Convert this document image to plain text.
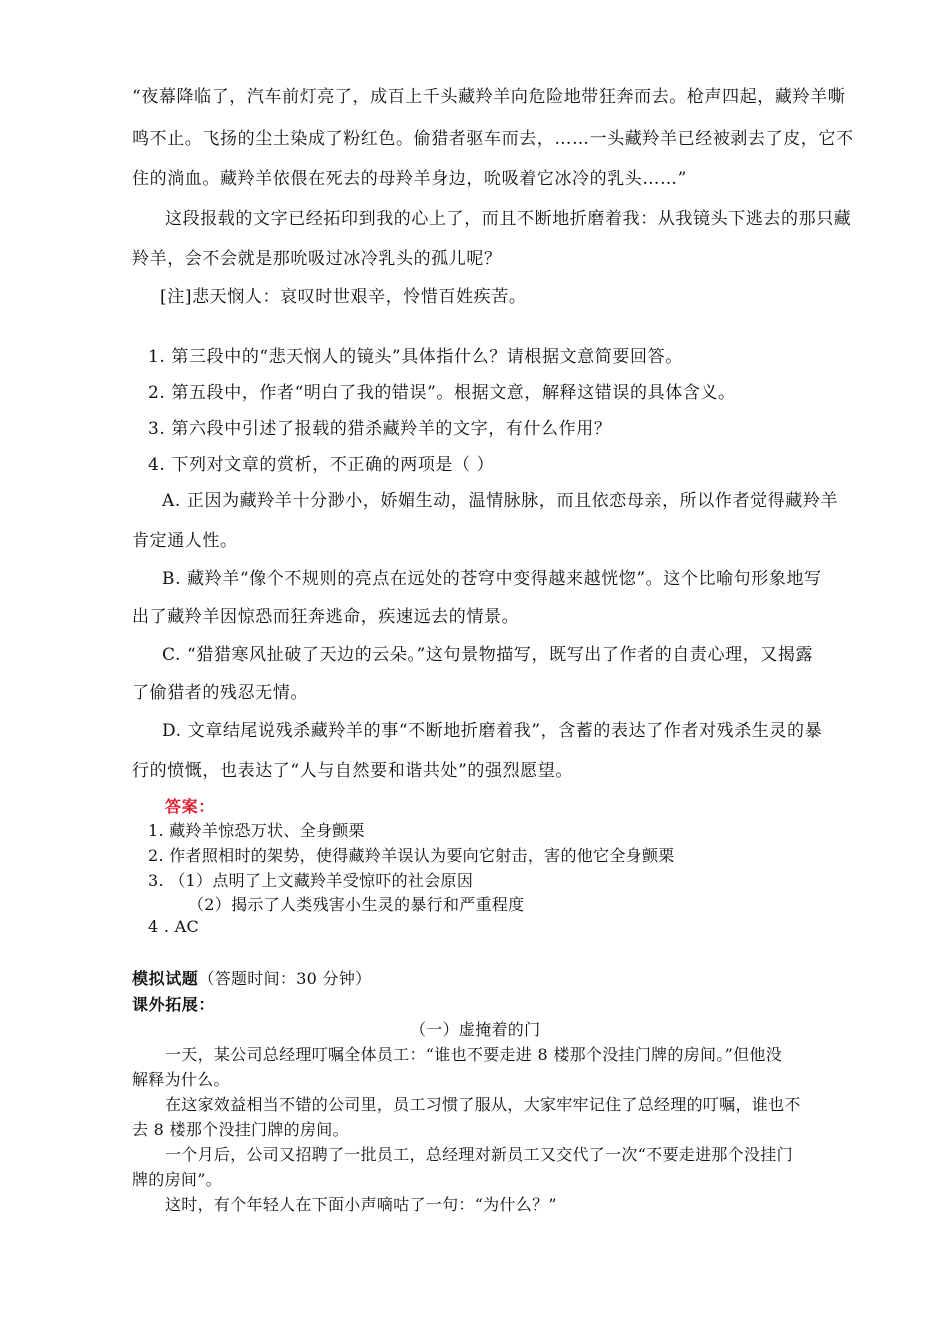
“夜幕降临了，汽车前灯亮了，成百上千头藏羚羊向危险地带狂奔而去。枪声四起，藏羚羊嘶

鸣不止。飞扬的尘土染成了粉红色。偷猎者驱车而去，……一头藏羚羊已经被剥去了皮，它不

住的淌血。藏羚羊依偎在死去的母羚羊身边，吮吸着它冰冷的乳头……”

这段报载的文字已经拓印到我的心上了，而且不断地折磨着我：从我镜头下逃去的那只藏

羚羊，会不会就是那吮吸过冰冷乳头的孤儿呢？

[注]悲天悯人：哀叹时世艰辛，怜惜百姓疾苦。

1. 第三段中的“悲天悯人的镜头”具体指什么？请根据文意简要回答。

2. 第五段中，作者“明白了我的错误”。根据文意，解释这错误的具体含义。

3. 第六段中引述了报载的猎杀藏羚羊的文字，有什么作用？

4. 下列对文章的赏析，不正确的两项是（ ）

A. 正因为藏羚羊十分渺小，娇媚生动，温情脉脉，而且依恋母亲，所以作者觉得藏羚羊

肯定通人性。

B. 藏羚羊“像个不规则的亮点在远处的苍穹中变得越来越恍惚”。这个比喻句形象地写

出了藏羚羊因惊恐而狂奔逃命，疾速远去的情景。

C. “猎猎寒风扯破了天边的云朵。”这句景物描写，既写出了作者的自责心理，又揭露

了偷猎者的残忍无情。

D. 文章结尾说残杀藏羚羊的事“不断地折磨着我”，含蓄的表达了作者对残杀生灵的暴

行的愤慨，也表达了“人与自然要和谐共处”的强烈愿望。

答案：

1. 藏羚羊惊恐万状、全身颤栗

2. 作者照相时的架势，使得藏羚羊误认为要向它射击，害的他它全身颤栗

3. （1）点明了上文藏羚羊受惊吓的社会原因

（2）揭示了人类残害小生灵的暴行和严重程度

4 . AC

模拟试题（答题时间：30 分钟）

课外拓展：

（一）虚掩着的门

一天，某公司总经理叮嘱全体员工：“谁也不要走进 8 楼那个没挂门牌的房间。”但他没

解释为什么。

在这家效益相当不错的公司里，员工习惯了服从，大家牢牢记住了总经理的叮嘱，谁也不

去 8 楼那个没挂门牌的房间。

一个月后，公司又招聘了一批员工，总经理对新员工又交代了一次“不要走进那个没挂门

牌的房间”。

这时，有个年轻人在下面小声嘀咕了一句：“为什么？”
